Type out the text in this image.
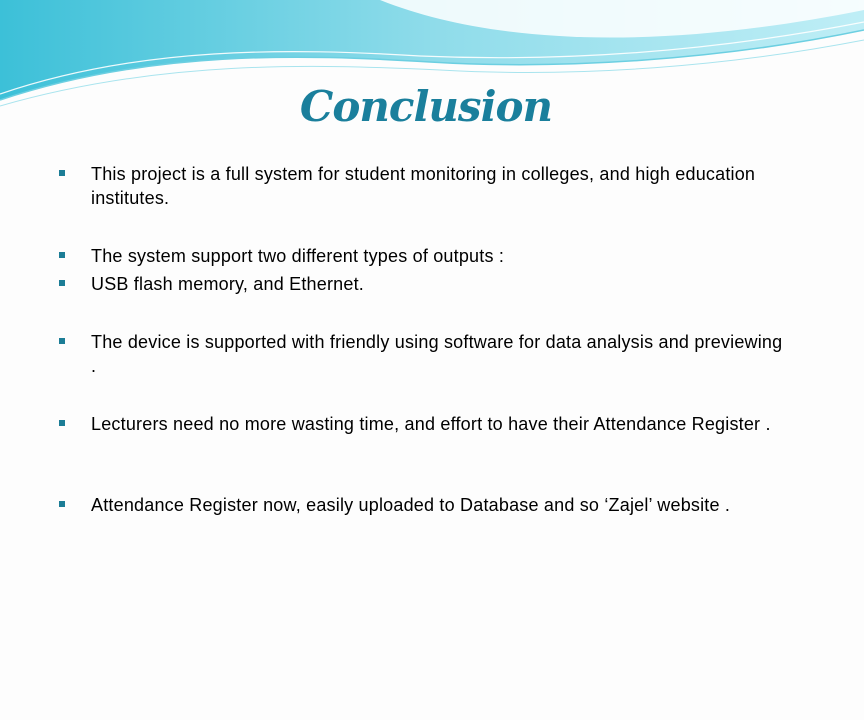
Conclusion
This project is a full system for student monitoring in colleges, and high education institutes.
The system support two different types of outputs :
USB flash memory, and Ethernet.
The device is supported with friendly using software for data analysis and previewing .
Lecturers need no more wasting time, and effort to have their Attendance Register .
Attendance Register now, easily uploaded to Database and so ‘Zajel’ website .
